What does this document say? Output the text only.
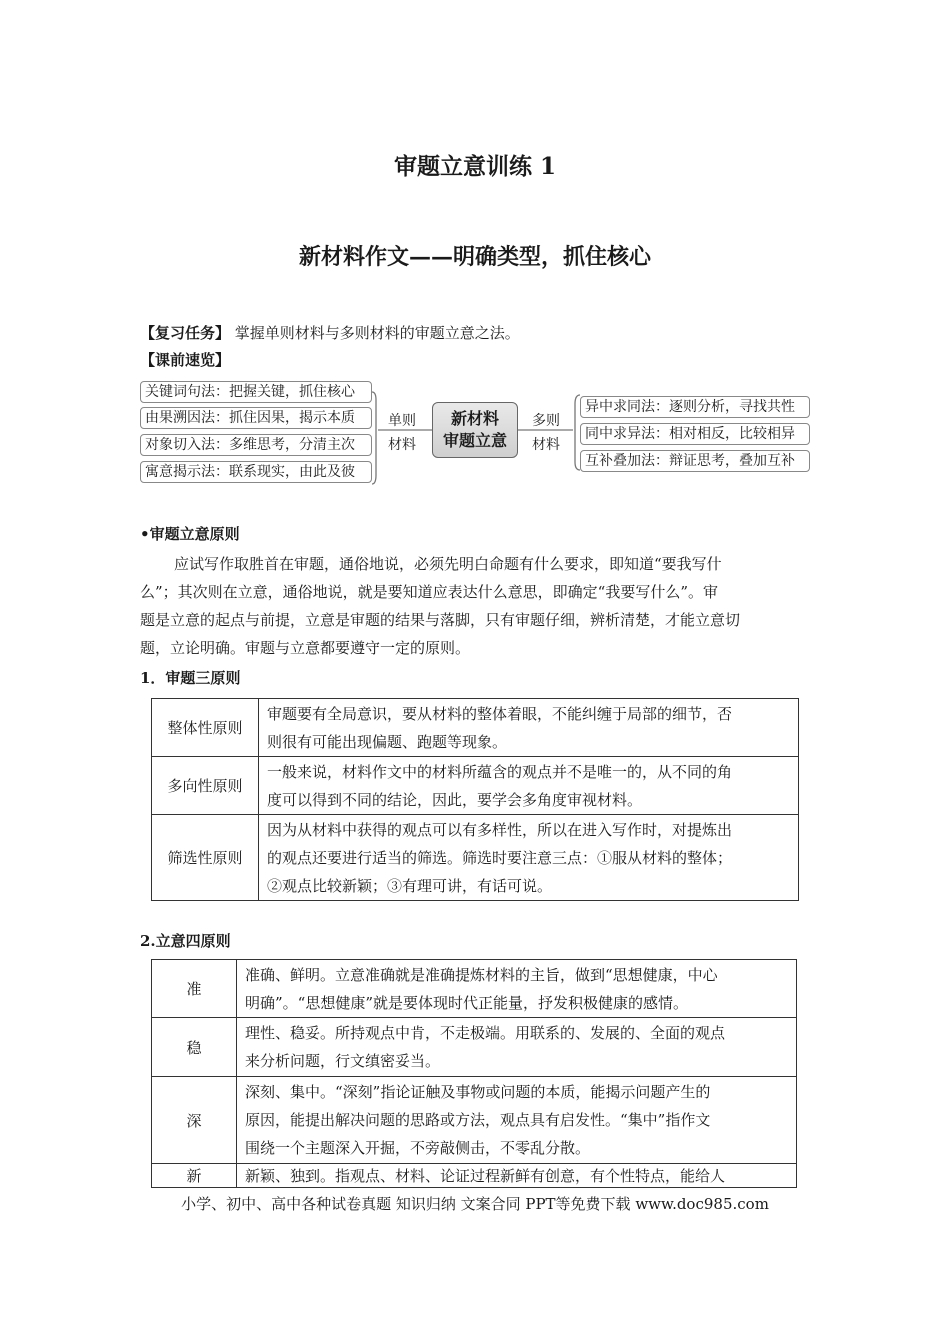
审题立意训练 1
新材料作文——明确类型，抓住核心
【复习任务】 掌握单则材料与多则材料的审题立意之法。
【课前速览】
关键词句法：把握关键，抓住核心
由果溯因法：抓住因果，揭示本质
对象切入法：多维思考，分清主次
寓意揭示法：联系现实，由此及彼
单则
材料
新材料
审题立意
多则
材料
异中求同法：逐则分析，寻找共性
同中求异法：相对相反，比较相异
互补叠加法：辩证思考，叠加互补
•审题立意原则
应试写作取胜首在审题，通俗地说，必须先明白命题有什么要求，即知道“要我写什
么”；其次则在立意，通俗地说，就是要知道应表达什么意思，即确定“我要写什么”。审
题是立意的起点与前提，立意是审题的结果与落脚，只有审题仔细，辨析清楚，才能立意切
题，立论明确。审题与立意都要遵守一定的原则。
1．审题三原则
整体性原则	审题要有全局意识，要从材料的整体着眼，不能纠缠于局部的细节，否
则很有可能出现偏题、跑题等现象。

多向性原则	一般来说，材料作文中的材料所蕴含的观点并不是唯一的，从不同的角
度可以得到不同的结论，因此，要学会多角度审视材料。

筛选性原则	因为从材料中获得的观点可以有多样性，所以在进入写作时，对提炼出
的观点还要进行适当的筛选。筛选时要注意三点：①服从材料的整体；
②观点比较新颖；③有理可讲，有话可说。
2.立意四原则
准	准确、鲜明。立意准确就是准确提炼材料的主旨，做到“思想健康，中心
明确”。“思想健康”就是要体现时代正能量，抒发积极健康的感情。

稳	理性、稳妥。所持观点中肯，不走极端。用联系的、发展的、全面的观点
来分析问题，行文缜密妥当。

深	深刻、集中。“深刻”指论证触及事物或问题的本质，能揭示问题产生的
原因，能提出解决问题的思路或方法，观点具有启发性。“集中”指作文
围绕一个主题深入开掘，不旁敲侧击，不零乱分散。

新	新颖、独到。指观点、材料、论证过程新鲜有创意，有个性特点，能给人
小学、初中、高中各种试卷真题 知识归纳 文案合同 PPT等免费下载 www.doc985.com
